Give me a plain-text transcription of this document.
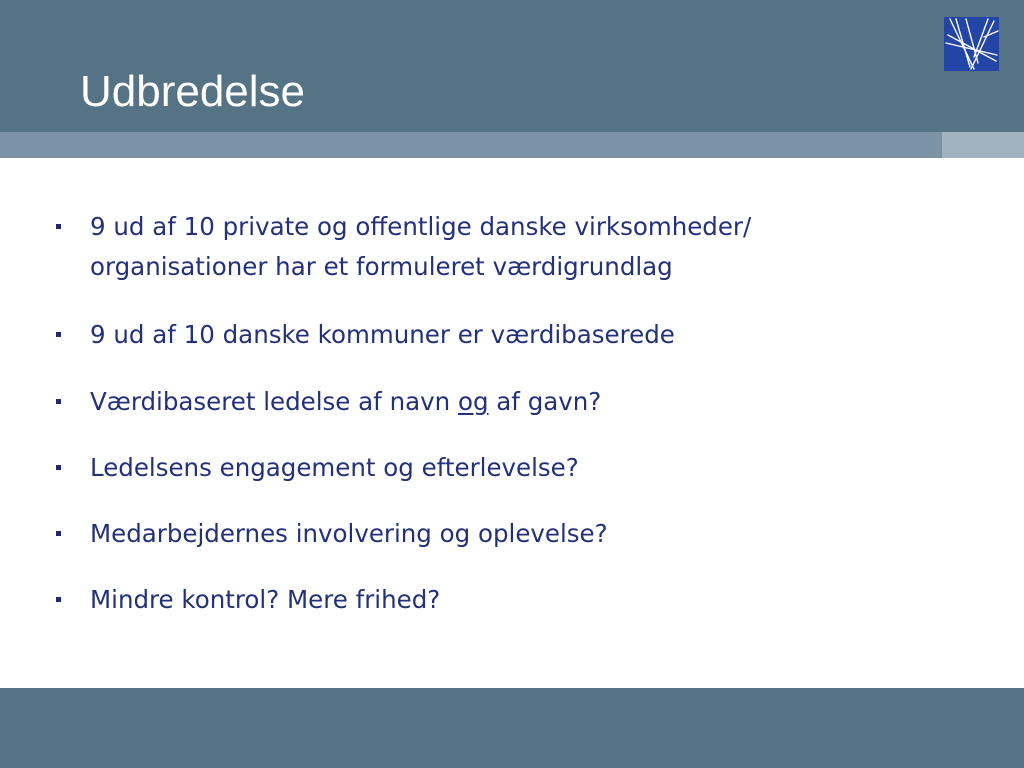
Udbredelse
9 ud af 10 private og offentlige danske virksomheder/
organisationer har et formuleret værdigrundlag
9 ud af 10 danske kommuner er værdibaserede
Værdibaseret ledelse af navn og af gavn?
Ledelsens engagement og efterlevelse?
Medarbejdernes involvering og oplevelse?
Mindre kontrol? Mere frihed?
